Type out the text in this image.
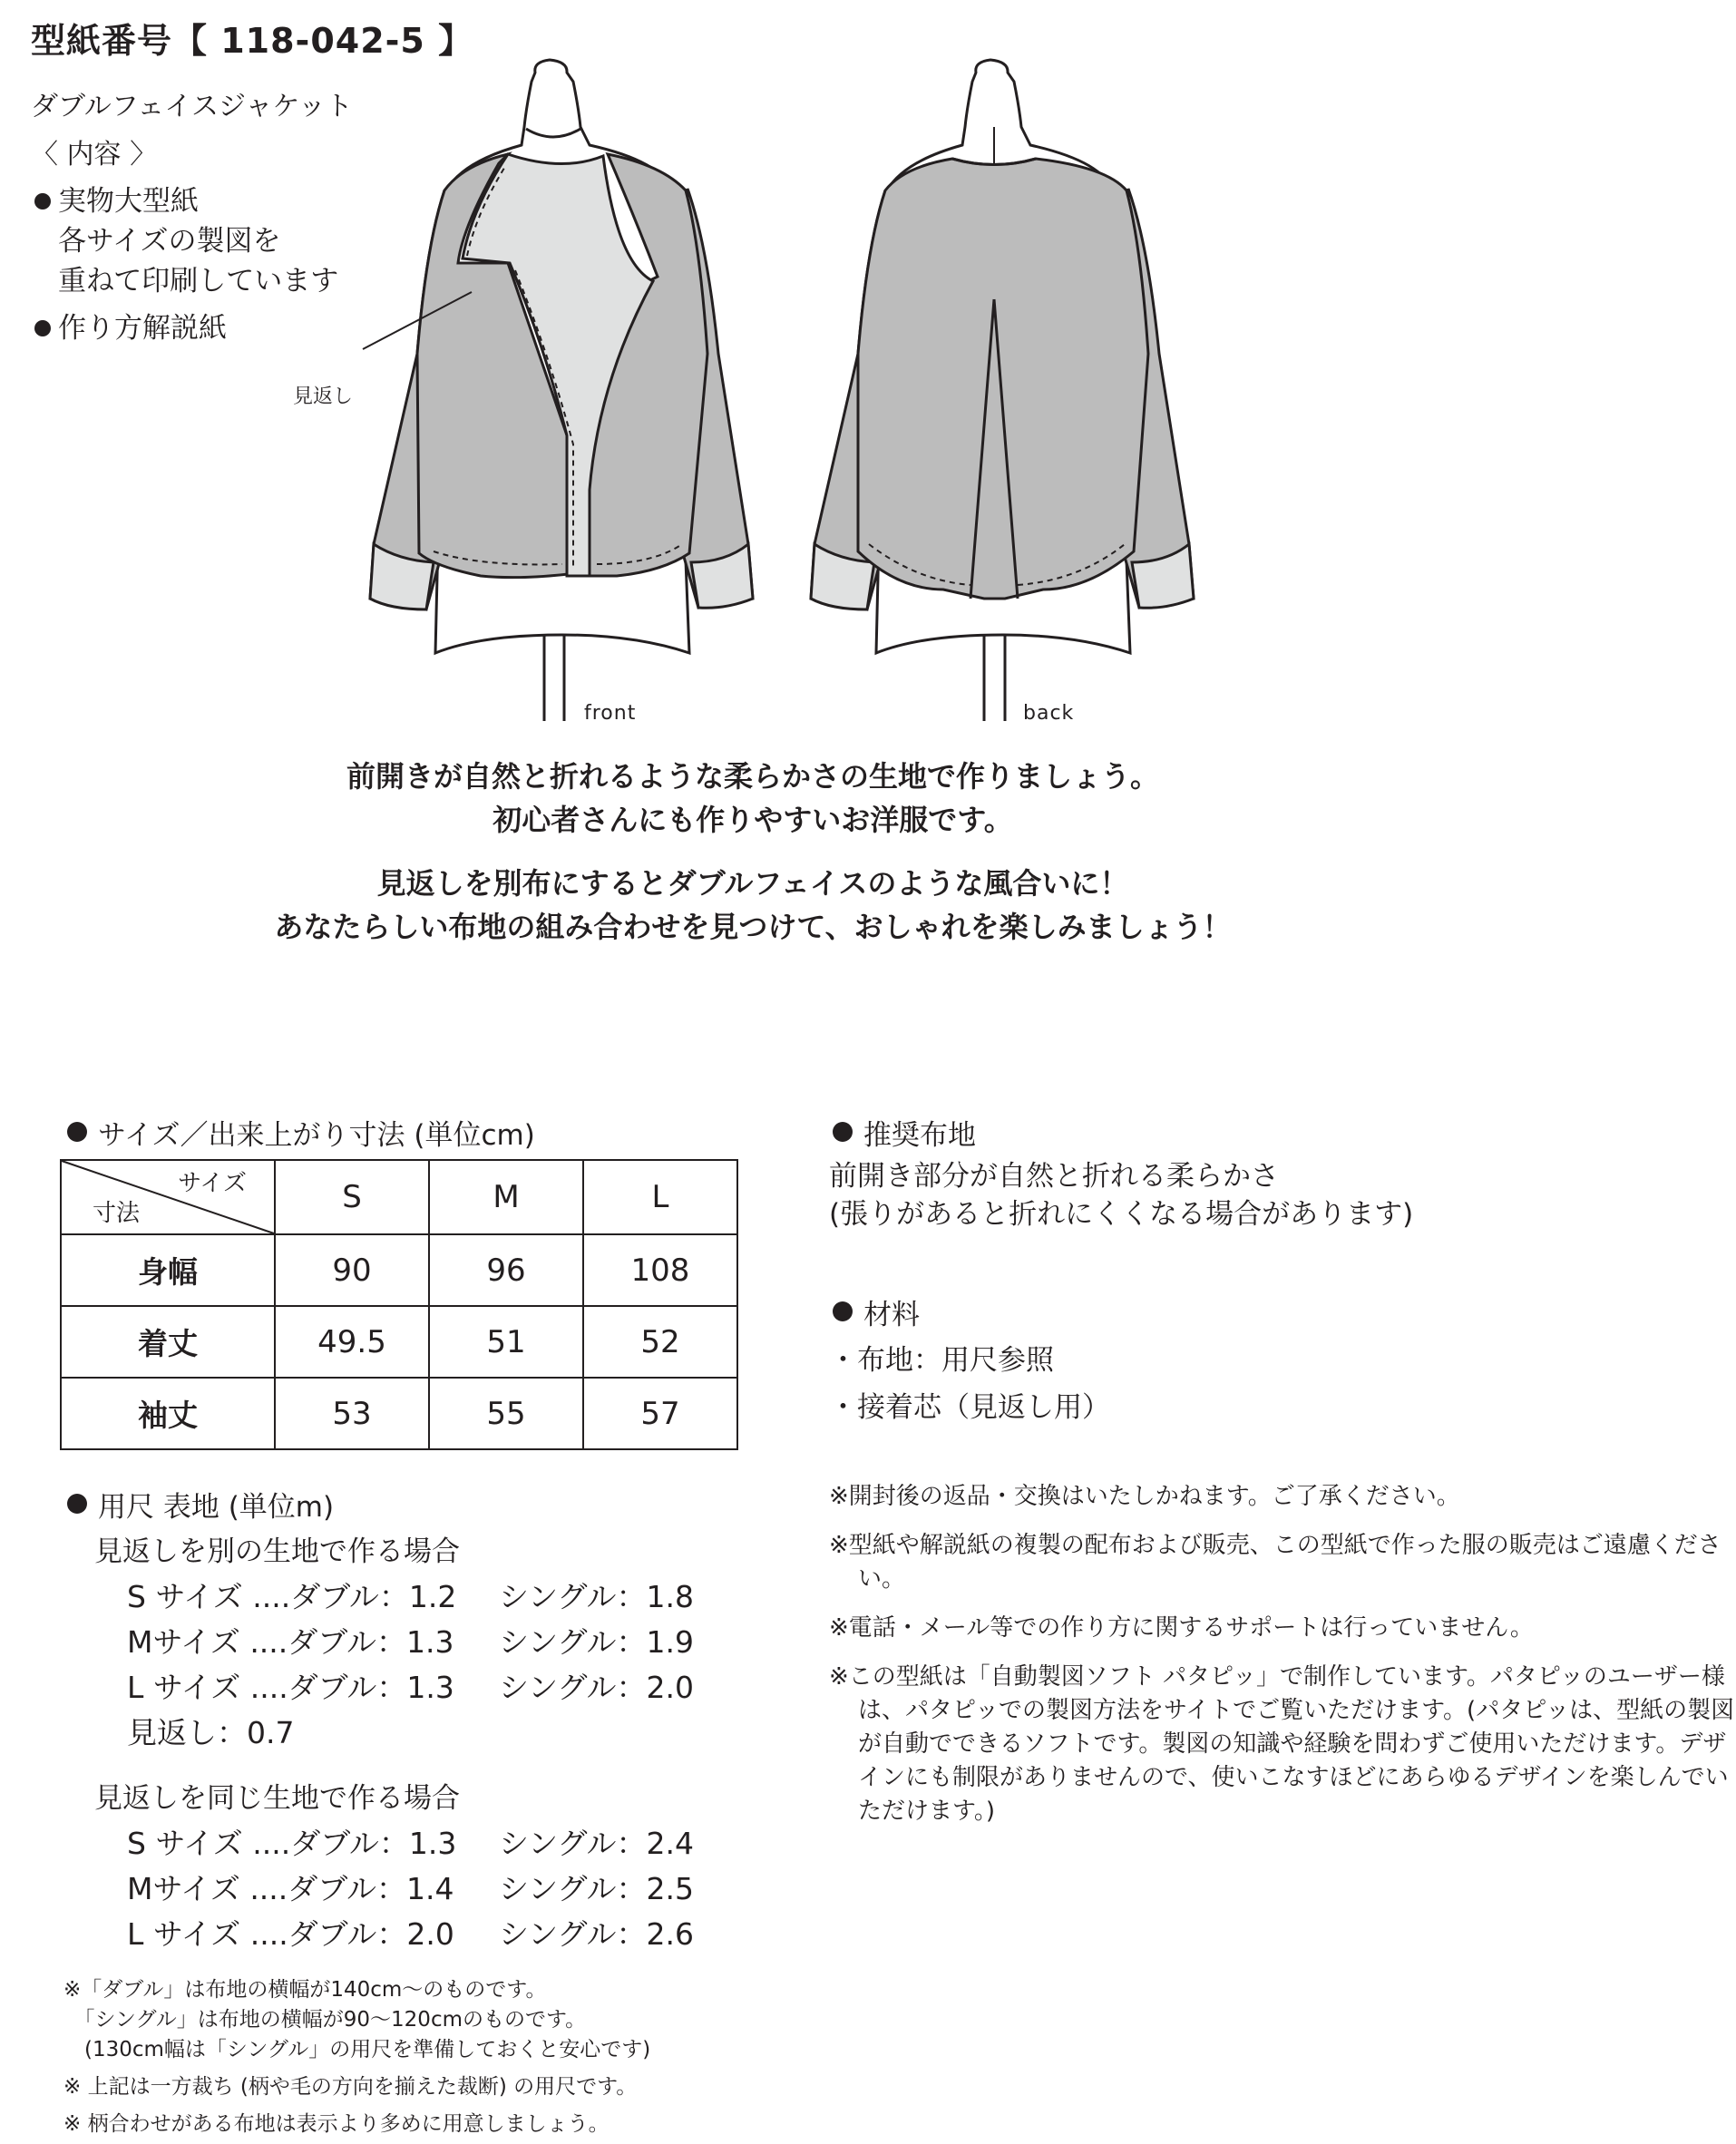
型紙番号【 118-042-5 】
ダブルフェイスジャケット
〈 内容 〉
実物大型紙
各サイズの製図を
重ねて印刷しています
作り方解説紙
見返し
front	back
前開きが自然と折れるような柔らかさの生地で作りましょう。
初心者さんにも作りやすいお洋服です。
見返しを別布にするとダブルフェイスのような風合いに！
あなたらしい布地の組み合わせを見つけて、おしゃれを楽しみましょう！
サイズ／出来上がり寸法 (単位cm)
サイズ
寸法	S	M	L
身幅	90	96	108
着丈	49.5	51	52
袖丈	53	55	57
用尺 表地 (単位m)
見返しを別の生地で作る場合
S サイズ ....ダブル：1.2	シングル：1.8
Mサイズ ....ダブル：1.3	シングル：1.9
L サイズ ....ダブル：1.3	シングル：2.0
見返し：0.7
見返しを同じ生地で作る場合
S サイズ ....ダブル：1.3	シングル：2.4
Mサイズ ....ダブル：1.4	シングル：2.5
L サイズ ....ダブル：2.0	シングル：2.6
※「ダブル」は布地の横幅が140cm～のものです。
　「シングル」は布地の横幅が90～120cmのものです。
　(130cm幅は「シングル」の用尺を準備しておくと安心です)
※ 上記は一方裁ち (柄や毛の方向を揃えた裁断) の用尺です。
※ 柄合わせがある布地は表示より多めに用意しましょう。
推奨布地
前開き部分が自然と折れる柔らかさ
(張りがあると折れにくくなる場合があります)
材料
・布地：用尺参照
・接着芯（見返し用）

※開封後の返品・交換はいたしかねます。ご了承ください。

※型紙や解説紙の複製の配布および販売、この型紙で作った服の販売はご遠慮ください。

※電話・メール等での作り方に関するサポートは行っていません。

※この型紙は「自動製図ソフト パタピッ」で制作しています。パタピッのユーザー様は、パタピッでの製図方法をサイトでご覧いただけます。(パタピッは、型紙の製図が自動でできるソフトです。製図の知識や経験を問わずご使用いただけます。デザインにも制限がありませんので、使いこなすほどにあらゆるデザインを楽しんでいただけます。)
